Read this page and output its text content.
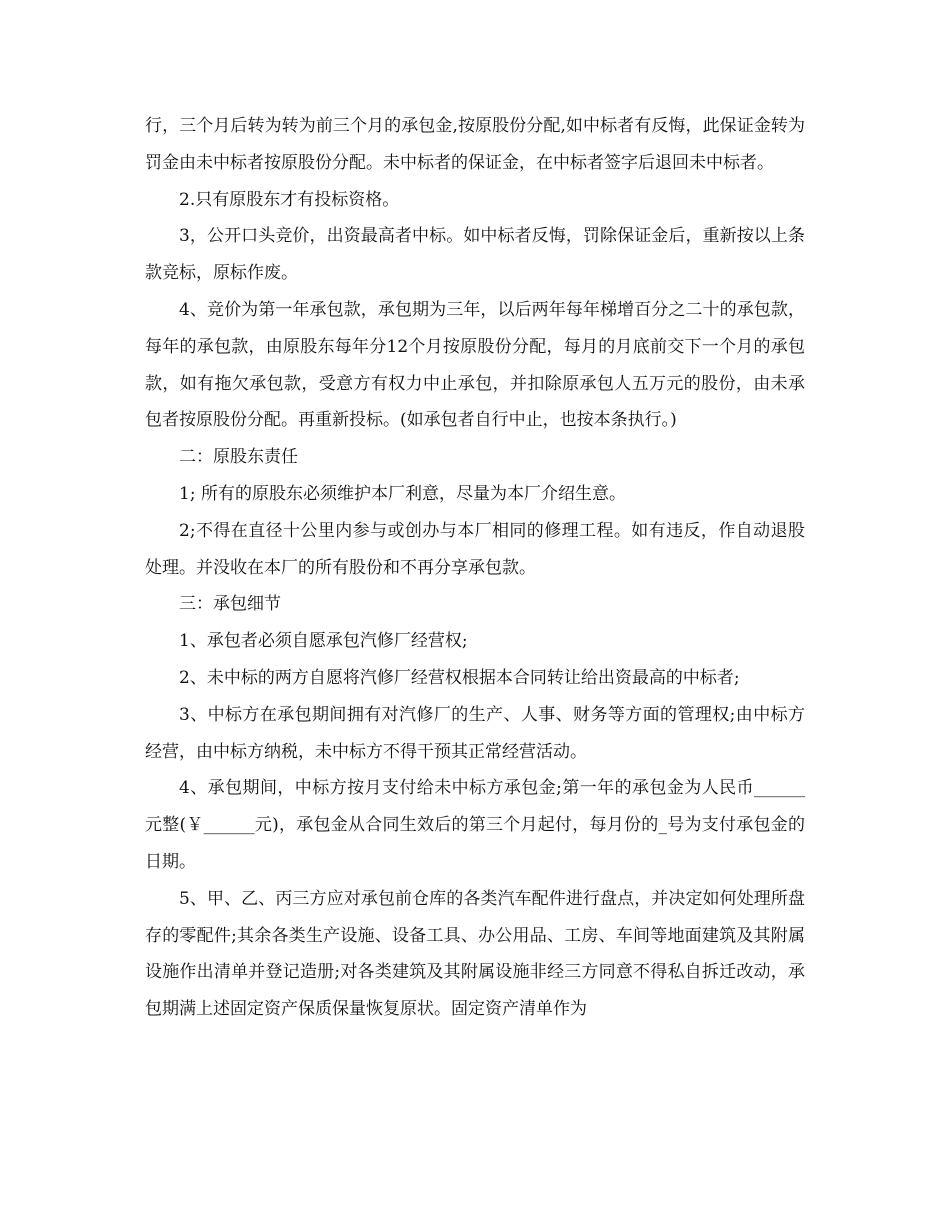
行，三个月后转为转为前三个月的承包金,按原股份分配,如中标者有反悔，此保证金转为罚金由未中标者按原股份分配。未中标者的保证金，在中标者签字后退回未中标者。

2.只有原股东才有投标资格。

3，公开口头竞价，出资最高者中标。如中标者反悔，罚除保证金后，重新按以上条款竞标，原标作废。

4、竞价为第一年承包款，承包期为三年，以后两年每年梯增百分之二十的承包款，每年的承包款，由原股东每年分12个月按原股份分配，每月的月底前交下一个月的承包款，如有拖欠承包款，受意方有权力中止承包，并扣除原承包人五万元的股份，由未承包者按原股份分配。再重新投标。(如承包者自行中止，也按本条执行。)

二：原股东责任

1; 所有的原股东必须维护本厂利意，尽量为本厂介绍生意。

2;不得在直径十公里内参与或创办与本厂相同的修理工程。如有违反，作自动退股处理。并没收在本厂的所有股份和不再分享承包款。

三：承包细节

1、承包者必须自愿承包汽修厂经营权;

2、未中标的两方自愿将汽修厂经营权根据本合同转让给出资最高的中标者;

3、中标方在承包期间拥有对汽修厂的生产、人事、财务等方面的管理权;由中标方经营，由中标方纳税，未中标方不得干预其正常经营活动。

4、承包期间，中标方按月支付给未中标方承包金;第一年的承包金为人民币______元整(￥______元)，承包金从合同生效后的第三个月起付，每月份的_号为支付承包金的日期。

5、甲、乙、丙三方应对承包前仓库的各类汽车配件进行盘点，并决定如何处理所盘存的零配件;其余各类生产设施、设备工具、办公用品、工房、车间等地面建筑及其附属设施作出清单并登记造册;对各类建筑及其附属设施非经三方同意不得私自拆迁改动，承包期满上述固定资产保质保量恢复原状。固定资产清单作为
